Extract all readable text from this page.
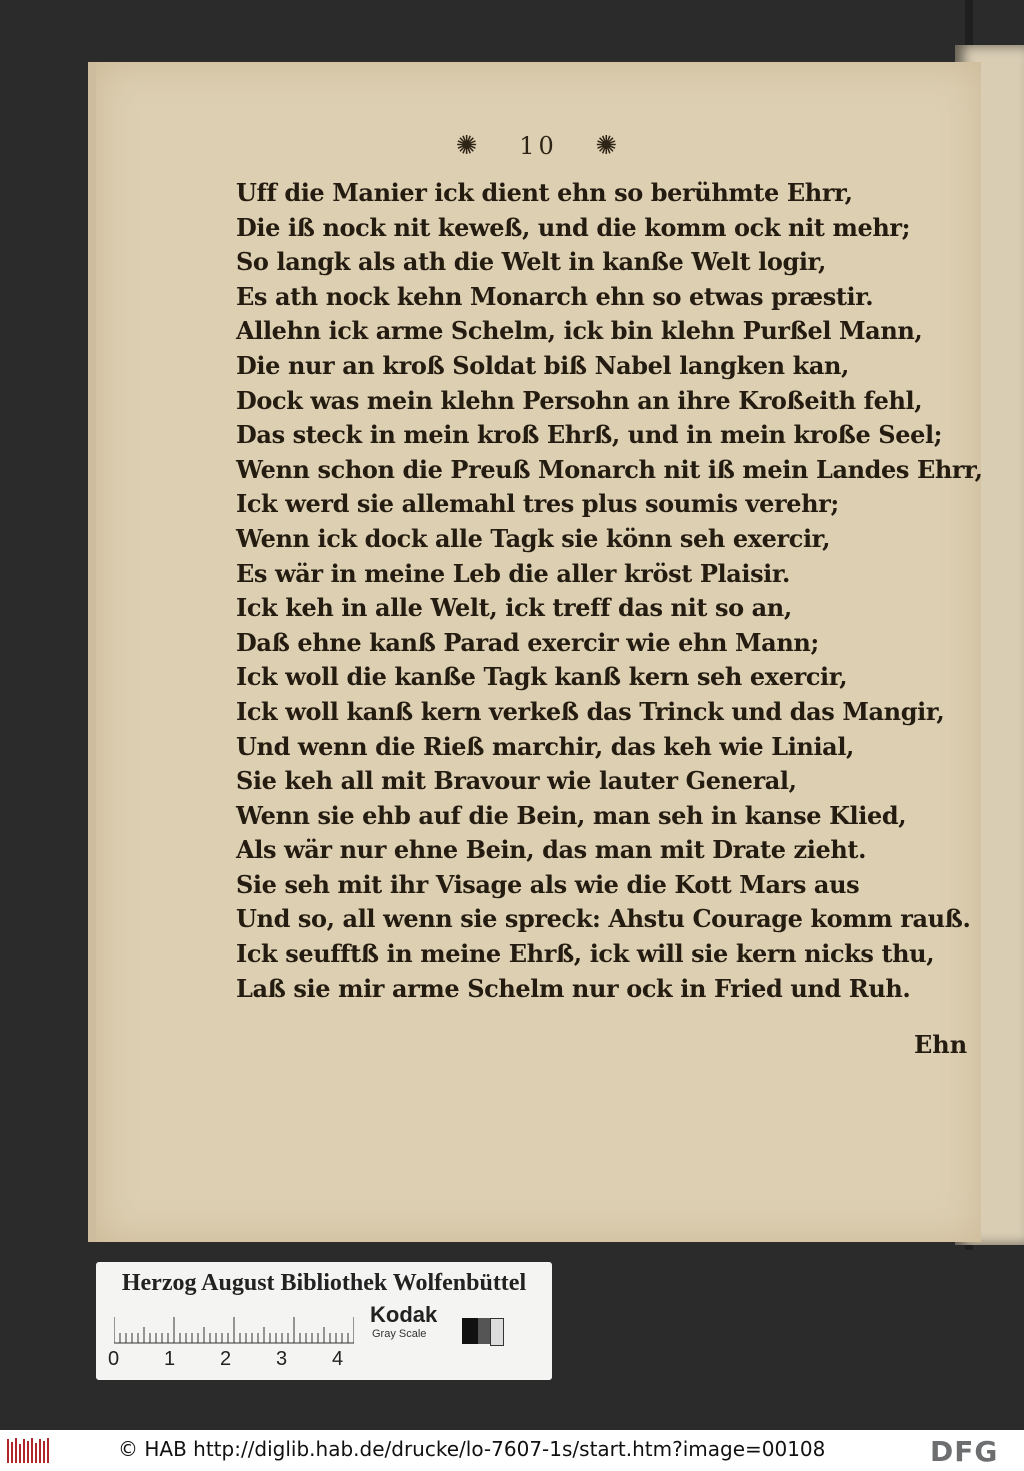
✺ 10 ✺
Uff die Manier ick dient ehn so berühmte Ehrr,
Die iß nock nit keweß, und die komm ock nit mehr;
So langk als ath die Welt in kanße Welt logir,
Es ath nock kehn Monarch ehn so etwas præstir.
Allehn ick arme Schelm, ick bin klehn Purßel Mann,
Die nur an kroß Soldat biß Nabel langken kan,
Dock was mein klehn Persohn an ihre Kroßeith fehl,
Das steck in mein kroß Ehrß, und in mein kroße Seel;
Wenn schon die Preuß Monarch nit iß mein Landes Ehrr,
Ick werd sie allemahl tres plus soumis verehr;
Wenn ick dock alle Tagk sie könn seh exercir,
Es wär in meine Leb die aller kröst Plaisir.
Ick keh in alle Welt, ick treff das nit so an,
Daß ehne kanß Parad exercir wie ehn Mann;
Ick woll die kanße Tagk kanß kern seh exercir,
Ick woll kanß kern verkeß das Trinck und das Mangir,
Und wenn die Rieß marchir, das keh wie Linial,
Sie keh all mit Bravour wie lauter General,
Wenn sie ehb auf die Bein, man seh in kanse Klied,
Als wär nur ehne Bein, das man mit Drate zieht.
Sie seh mit ihr Visage als wie die Kott Mars aus
Und so, all wenn sie spreck: Ahstu Courage komm rauß.
Ick seufftß in meine Ehrß, ick will sie kern nicks thu,
Laß sie mir arme Schelm nur ock in Fried und Ruh.
Ehn
Herzog August Bibliothek Wolfenbüttel
0 1 2 3 4
Kodak
Gray Scale
© HAB http://diglib.hab.de/drucke/lo-7607-1s/start.htm?image=00108	DFG
